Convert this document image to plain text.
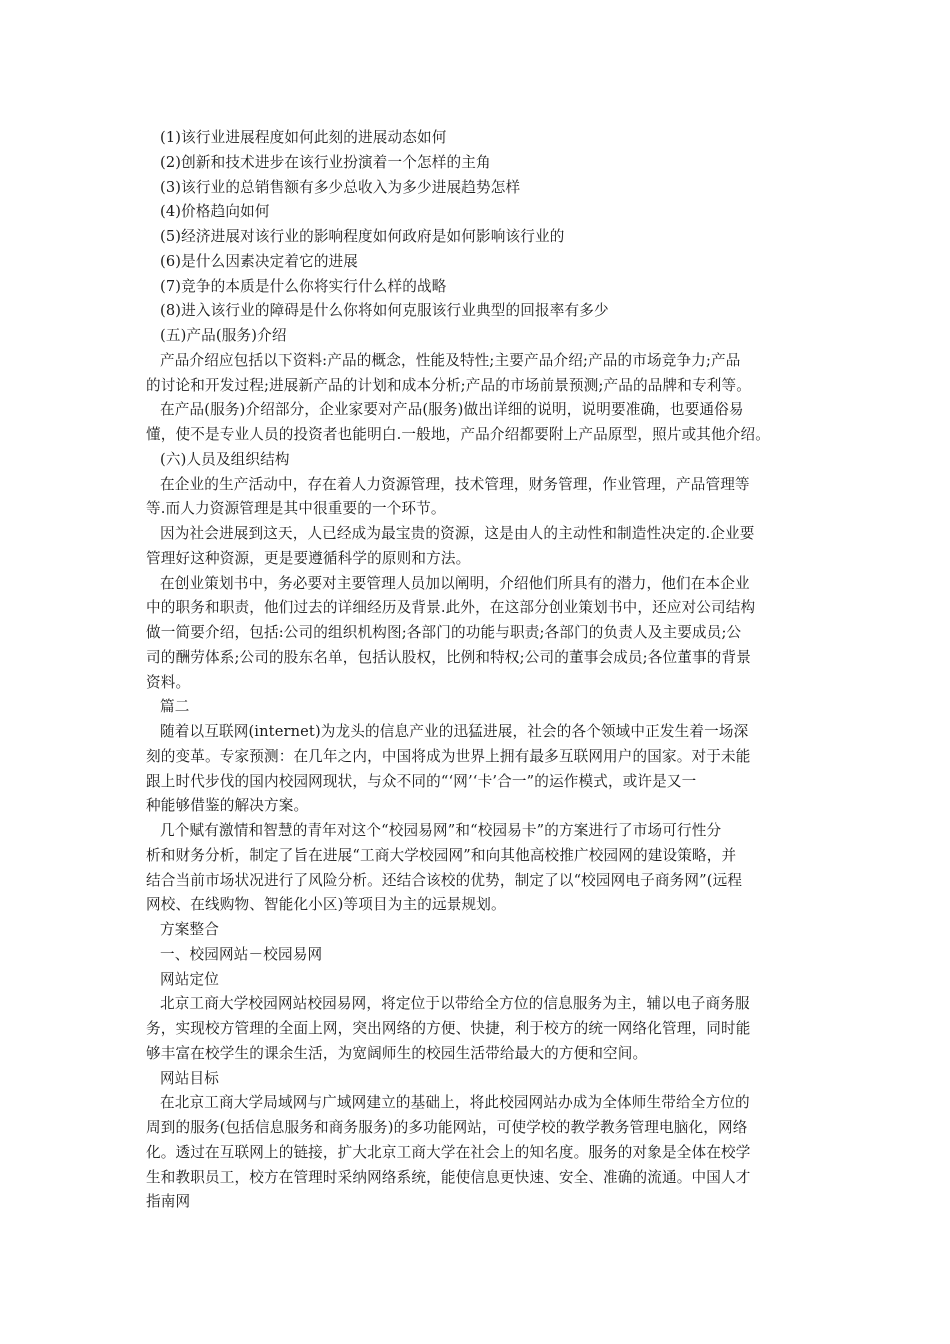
(1)该行业进展程度如何此刻的进展动态如何
(2)创新和技术进步在该行业扮演着一个怎样的主角
(3)该行业的总销售额有多少总收入为多少进展趋势怎样
(4)价格趋向如何
(5)经济进展对该行业的影响程度如何政府是如何影响该行业的
(6)是什么因素决定着它的进展
(7)竞争的本质是什么你将实行什么样的战略
(8)进入该行业的障碍是什么你将如何克服该行业典型的回报率有多少
(五)产品(服务)介绍
产品介绍应包括以下资料:产品的概念，性能及特性;主要产品介绍;产品的市场竞争力;产品
的讨论和开发过程;进展新产品的计划和成本分析;产品的市场前景预测;产品的品牌和专利等。
在产品(服务)介绍部分，企业家要对产品(服务)做出详细的说明，说明要准确，也要通俗易
懂，使不是专业人员的投资者也能明白.一般地，产品介绍都要附上产品原型，照片或其他介绍。
(六)人员及组织结构
在企业的生产活动中，存在着人力资源管理，技术管理，财务管理，作业管理，产品管理等
等.而人力资源管理是其中很重要的一个环节。
因为社会进展到这天，人已经成为最宝贵的资源，这是由人的主动性和制造性决定的.企业要
管理好这种资源，更是要遵循科学的原则和方法。
在创业策划书中，务必要对主要管理人员加以阐明，介绍他们所具有的潜力，他们在本企业
中的职务和职责，他们过去的详细经历及背景.此外，在这部分创业策划书中，还应对公司结构
做一简要介绍，包括:公司的组织机构图;各部门的功能与职责;各部门的负责人及主要成员;公
司的酬劳体系;公司的股东名单，包括认股权，比例和特权;公司的董事会成员;各位董事的背景
资料。
篇二
随着以互联网(internet)为龙头的信息产业的迅猛进展，社会的各个领域中正发生着一场深
刻的变革。专家预测：在几年之内，中国将成为世界上拥有最多互联网用户的国家。对于未能
跟上时代步伐的国内校园网现状，与众不同的“‘网’‘卡’合一”的运作模式，或许是又一
种能够借鉴的解决方案。
几个赋有激情和智慧的青年对这个“校园易网”和“校园易卡”的方案进行了市场可行性分
析和财务分析，制定了旨在进展“工商大学校园网”和向其他高校推广校园网的建设策略，并
结合当前市场状况进行了风险分析。还结合该校的优势，制定了以“校园网电子商务网”(远程
网校、在线购物、智能化小区)等项目为主的远景规划。
方案整合
一、校园网站－校园易网
网站定位
北京工商大学校园网站校园易网，将定位于以带给全方位的信息服务为主，辅以电子商务服
务，实现校方管理的全面上网，突出网络的方便、快捷，利于校方的统一网络化管理，同时能
够丰富在校学生的课余生活，为宽阔师生的校园生活带给最大的方便和空间。
网站目标
在北京工商大学局域网与广域网建立的基础上，将此校园网站办成为全体师生带给全方位的
周到的服务(包括信息服务和商务服务)的多功能网站，可使学校的教学教务管理电脑化，网络
化。透过在互联网上的链接，扩大北京工商大学在社会上的知名度。服务的对象是全体在校学
生和教职员工，校方在管理时采纳网络系统，能使信息更快速、安全、准确的流通。中国人才
指南网
